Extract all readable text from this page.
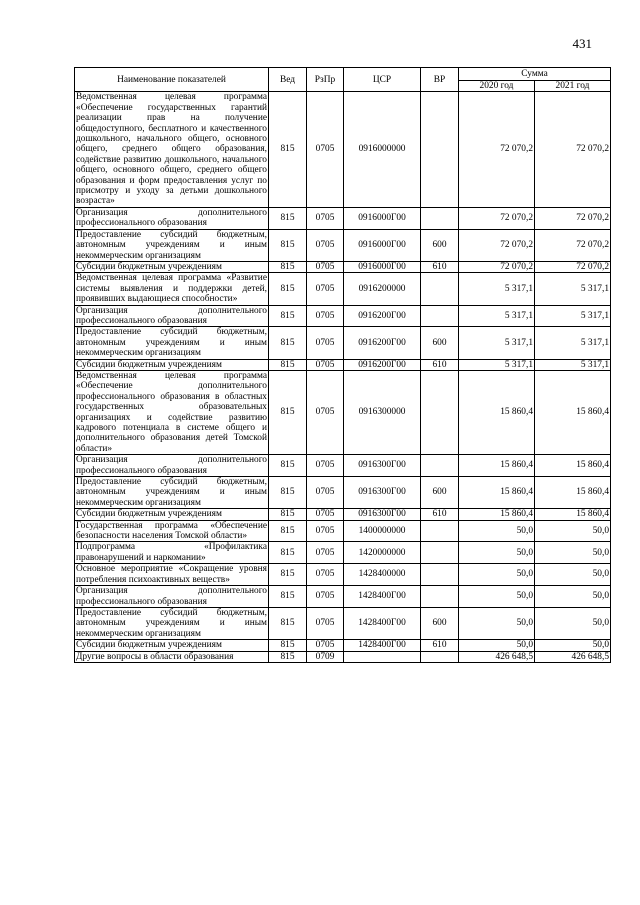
431
Наименование показателей	Вед	РзПр	ЦСР	ВР	Сумма	
					2020 год	2021 год
Ведомственная целевая программа «Обеспечение государственных гарантий реализации прав на получение общедоступного, бесплатного и качественного дошкольного, начального общего, основного общего, среднего общего образования, содействие развитию дошкольного, начального общего, основного общего, среднего общего образования и форм предоставления услуг по присмотру и уходу за детьми дошкольного возраста»	815	0705	0916000000		72 070,2	72 070,2
Организация дополнительного профессионального образования	815	0705	0916000Г00		72 070,2	72 070,2
Предоставление субсидий бюджетным, автономным учреждениям и иным некоммерческим организациям	815	0705	0916000Г00	600	72 070,2	72 070,2
Субсидии бюджетным учреждениям	815	0705	0916000Г00	610	72 070,2	72 070,2
Ведомственная целевая программа «Развитие системы выявления и поддержки детей, проявивших выдающиеся способности»	815	0705	0916200000		5 317,1	5 317,1
Организация дополнительного профессионального образования	815	0705	0916200Г00		5 317,1	5 317,1
Предоставление субсидий бюджетным, автономным учреждениям и иным некоммерческим организациям	815	0705	0916200Г00	600	5 317,1	5 317,1
Субсидии бюджетным учреждениям	815	0705	0916200Г00	610	5 317,1	5 317,1
Ведомственная целевая программа «Обеспечение дополнительного профессионального образования в областных государственных образовательных организациях и содействие развитию кадрового потенциала в системе общего и дополнительного образования детей Томской области»	815	0705	0916300000		15 860,4	15 860,4
Организация дополнительного профессионального образования	815	0705	0916300Г00		15 860,4	15 860,4
Предоставление субсидий бюджетным, автономным учреждениям и иным некоммерческим организациям	815	0705	0916300Г00	600	15 860,4	15 860,4
Субсидии бюджетным учреждениям	815	0705	0916300Г00	610	15 860,4	15 860,4
Государственная программа «Обеспечение безопасности населения Томской области»	815	0705	1400000000		50,0	50,0
Подпрограмма «Профилактика правонарушений и наркомании»	815	0705	1420000000		50,0	50,0
Основное мероприятие «Сокращение уровня потребления психоактивных веществ»	815	0705	1428400000		50,0	50,0
Организация дополнительного профессионального образования	815	0705	1428400Г00		50,0	50,0
Предоставление субсидий бюджетным, автономным учреждениям и иным некоммерческим организациям	815	0705	1428400Г00	600	50,0	50,0
Субсидии бюджетным учреждениям	815	0705	1428400Г00	610	50,0	50,0
Другие вопросы в области образования	815	0709			426 648,5	426 648,5
